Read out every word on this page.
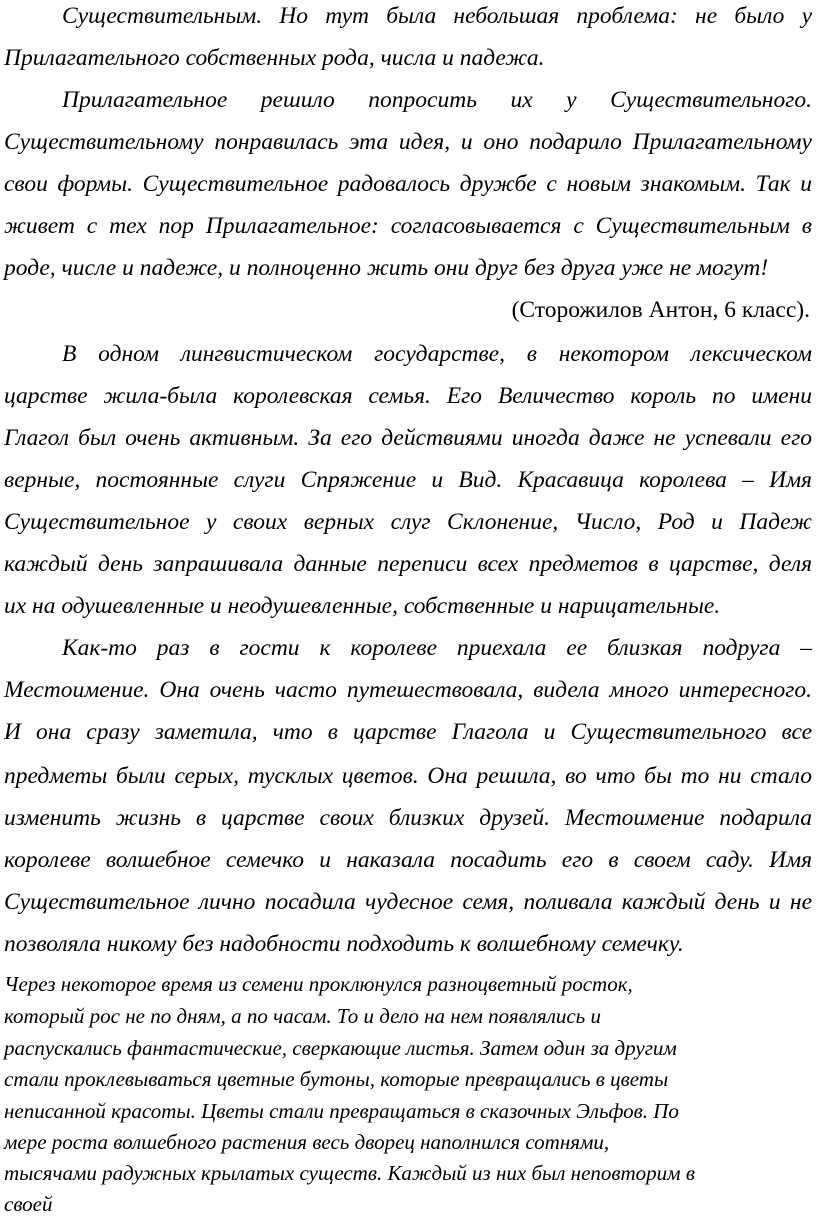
Существительным. Но тут была небольшая проблема: не было у
Прилагательного собственных рода, числа и падежа.
Прилагательное решило попросить их у Существительного.
Существительному понравилась эта идея, и оно подарило Прилагательному
свои формы. Существительное радовалось дружбе с новым знакомым. Так и
живет с тех пор Прилагательное: согласовывается с Существительным в
роде, числе и падеже, и полноценно жить они друг без друга уже не могут!
(Сторожилов Антон, 6 класс).
В одном лингвистическом государстве, в некотором лексическом
царстве жила-была королевская семья. Его Величество король по имени
Глагол был очень активным. За его действиями иногда даже не успевали его
верные, постоянные слуги Спряжение и Вид. Красавица королева – Имя
Существительное у своих верных слуг Склонение, Число, Род и Падеж
каждый день запрашивала данные переписи всех предметов в царстве, деля
их на одушевленные и неодушевленные, собственные и нарицательные.
Как-то раз в гости к королеве приехала ее близкая подруга –
Местоимение. Она очень часто путешествовала, видела много интересного.
И она сразу заметила, что в царстве Глагола и Существительного все
предметы были серых, тусклых цветов. Она решила, во что бы то ни стало
изменить жизнь в царстве своих близких друзей. Местоимение подарила
королеве волшебное семечко и наказала посадить его в своем саду. Имя
Существительное лично посадила чудесное семя, поливала каждый день и не
позволяла никому без надобности подходить к волшебному семечку.
Через некоторое время из семени проклюнулся разноцветный росток,
который рос не по дням, а по часам. То и дело на нем появлялись и
распускались фантастические, сверкающие листья. Затем один за другим
стали проклевываться цветные бутоны, которые превращались в цветы
неписанной красоты. Цветы стали превращаться в сказочных Эльфов. По
мере роста волшебного растения весь дворец наполнился сотнями,
тысячами радужных крылатых существ. Каждый из них был неповторим в
своей
